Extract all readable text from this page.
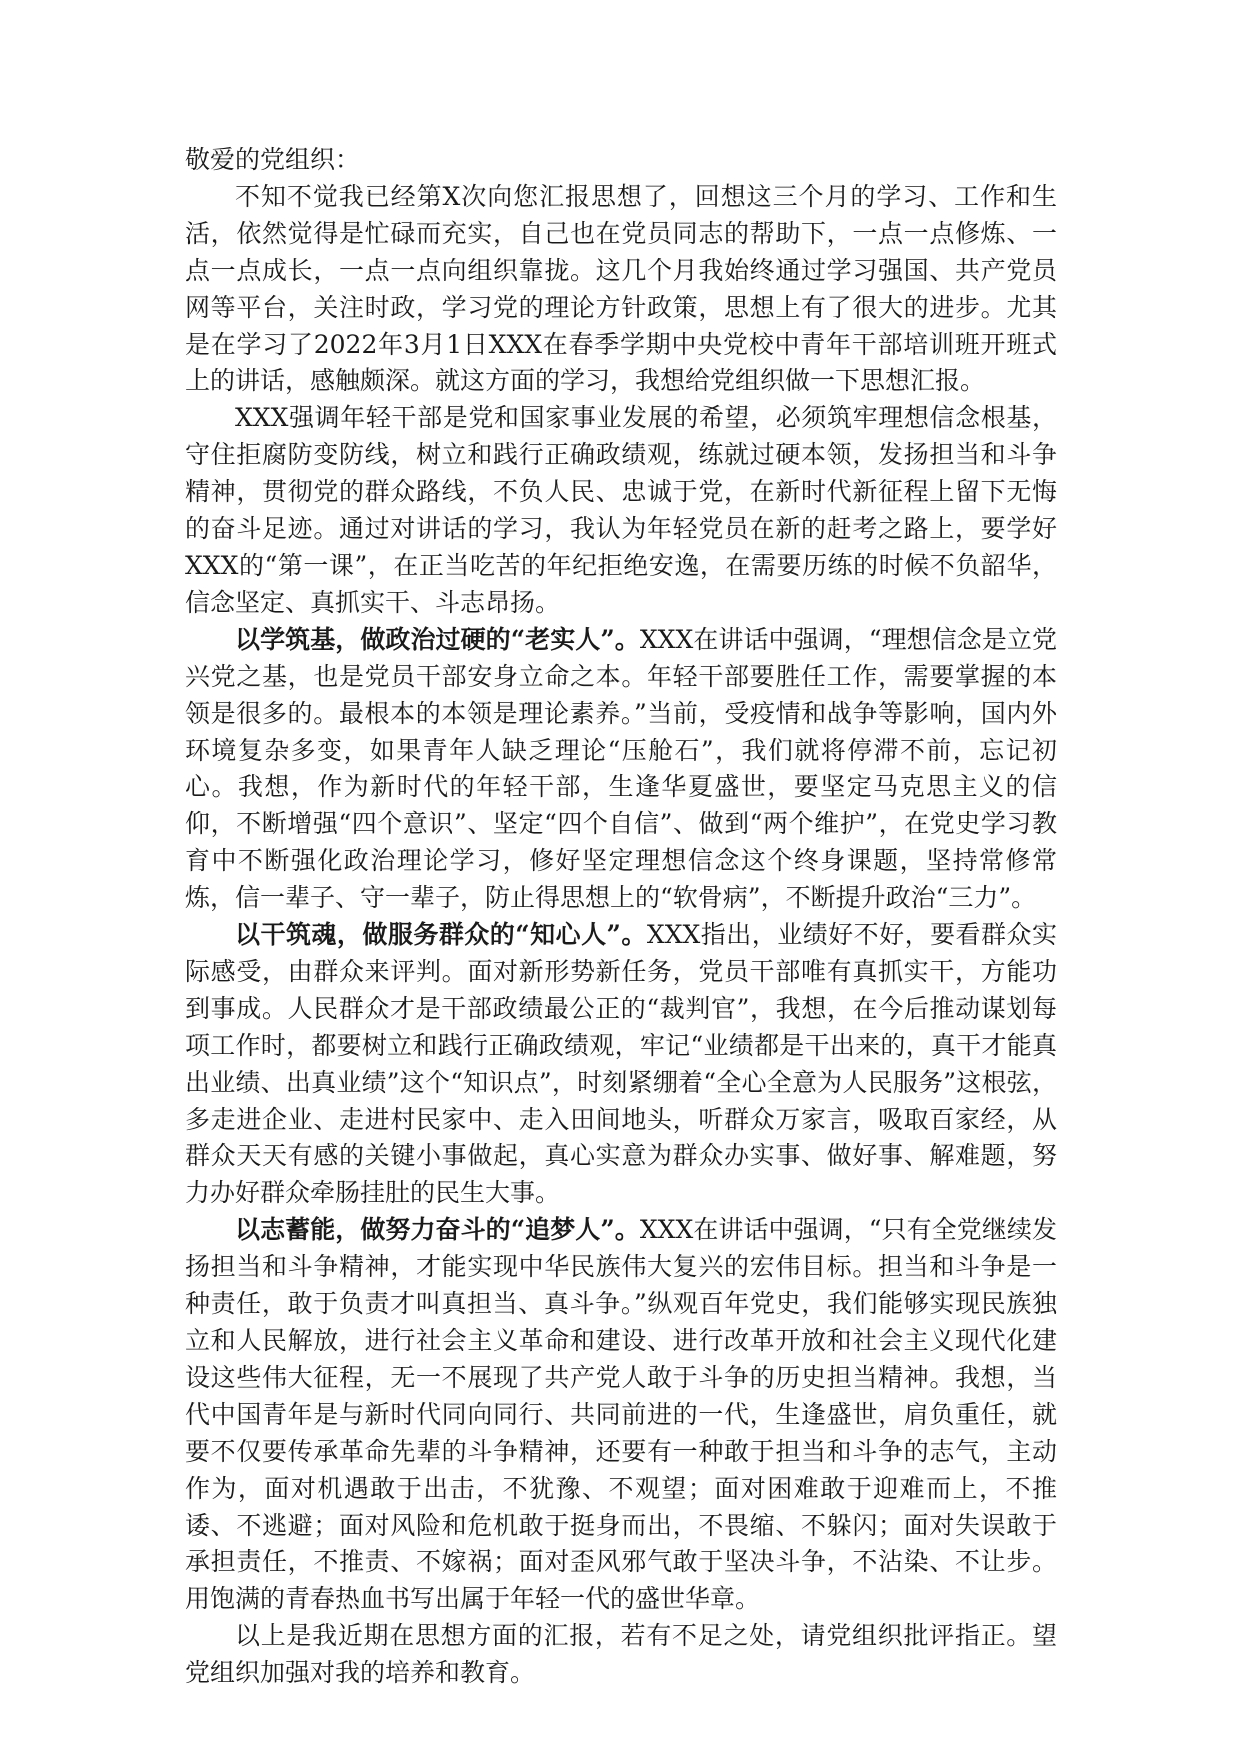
敬爱的党组织：

不知不觉我已经第X次向您汇报思想了，回想这三个月的学习、工作和生活，依然觉得是忙碌而充实，自己也在党员同志的帮助下，一点一点修炼、一点一点成长，一点一点向组织靠拢。这几个月我始终通过学习强国、共产党员网等平台，关注时政，学习党的理论方针政策，思想上有了很大的进步。尤其是在学习了2022年3月1日XXX在春季学期中央党校中青年干部培训班开班式上的讲话，感触颇深。就这方面的学习，我想给党组织做一下思想汇报。

XXX强调年轻干部是党和国家事业发展的希望，必须筑牢理想信念根基，守住拒腐防变防线，树立和践行正确政绩观，练就过硬本领，发扬担当和斗争精神，贯彻党的群众路线，不负人民、忠诚于党，在新时代新征程上留下无悔的奋斗足迹。通过对讲话的学习，我认为年轻党员在新的赶考之路上，要学好XXX的“第一课”，在正当吃苦的年纪拒绝安逸，在需要历练的时候不负韶华，信念坚定、真抓实干、斗志昂扬。

以学筑基，做政治过硬的“老实人”。XXX在讲话中强调，“理想信念是立党兴党之基，也是党员干部安身立命之本。年轻干部要胜任工作，需要掌握的本领是很多的。最根本的本领是理论素养。”当前，受疫情和战争等影响，国内外环境复杂多变，如果青年人缺乏理论“压舱石”，我们就将停滞不前，忘记初心。我想，作为新时代的年轻干部，生逢华夏盛世，要坚定马克思主义的信仰，不断增强“四个意识”、坚定“四个自信”、做到“两个维护”，在党史学习教育中不断强化政治理论学习，修好坚定理想信念这个终身课题，坚持常修常炼，信一辈子、守一辈子，防止得思想上的“软骨病”，不断提升政治“三力”。

以干筑魂，做服务群众的“知心人”。XXX指出，业绩好不好，要看群众实际感受，由群众来评判。面对新形势新任务，党员干部唯有真抓实干，方能功到事成。人民群众才是干部政绩最公正的“裁判官”，我想，在今后推动谋划每项工作时，都要树立和践行正确政绩观，牢记“业绩都是干出来的，真干才能真出业绩、出真业绩”这个“知识点”，时刻紧绷着“全心全意为人民服务”这根弦，多走进企业、走进村民家中、走入田间地头，听群众万家言，吸取百家经，从群众天天有感的关键小事做起，真心实意为群众办实事、做好事、解难题，努力办好群众牵肠挂肚的民生大事。

以志蓄能，做努力奋斗的“追梦人”。XXX在讲话中强调，“只有全党继续发扬担当和斗争精神，才能实现中华民族伟大复兴的宏伟目标。担当和斗争是一种责任，敢于负责才叫真担当、真斗争。”纵观百年党史，我们能够实现民族独立和人民解放，进行社会主义革命和建设、进行改革开放和社会主义现代化建设这些伟大征程，无一不展现了共产党人敢于斗争的历史担当精神。我想，当代中国青年是与新时代同向同行、共同前进的一代，生逢盛世，肩负重任，就要不仅要传承革命先辈的斗争精神，还要有一种敢于担当和斗争的志气，主动作为，面对机遇敢于出击，不犹豫、不观望；面对困难敢于迎难而上，不推诿、不逃避；面对风险和危机敢于挺身而出，不畏缩、不躲闪；面对失误敢于承担责任，不推责、不嫁祸；面对歪风邪气敢于坚决斗争，不沾染、不让步。用饱满的青春热血书写出属于年轻一代的盛世华章。

以上是我近期在思想方面的汇报，若有不足之处，请党组织批评指正。望党组织加强对我的培养和教育。
